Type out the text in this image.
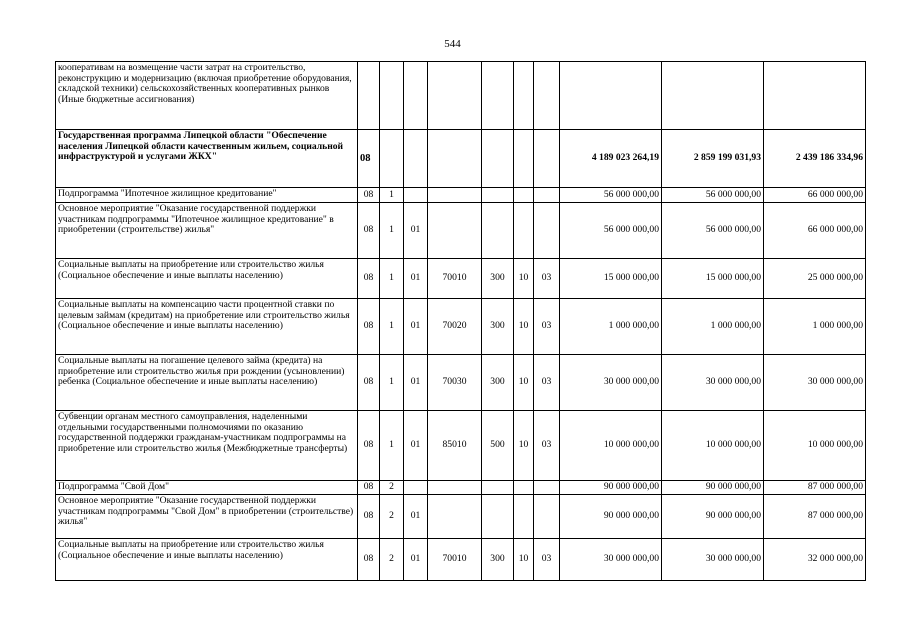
544
кооперативам на возмещение части затрат на строительство, реконструкцию и модернизацию (включая приобретение оборудования, складской техники) сельскохозяйственных кооперативных рынков (Иные бюджетные ассигнования)										
Государственная программа Липецкой области "Обеспечение населения Липецкой области качественным жильем, социальной инфраструктурой и услугами ЖКХ"	08							4 189 023 264,19	2 859 199 031,93	2 439 186 334,96
Подпрограмма "Ипотечное жилищное кредитование"	08	1						56 000 000,00	56 000 000,00	66 000 000,00
Основное мероприятие "Оказание государственной поддержки участникам подпрограммы "Ипотечное жилищное кредитование" в приобретении (строительстве) жилья"	08	1	01					56 000 000,00	56 000 000,00	66 000 000,00
Социальные выплаты на приобретение или строительство жилья (Социальное обеспечение и иные выплаты населению)	08	1	01	70010	300	10	03	15 000 000,00	15 000 000,00	25 000 000,00
Социальные выплаты на компенсацию части процентной ставки по целевым займам (кредитам) на приобретение или строительство жилья (Социальное обеспечение и иные выплаты населению)	08	1	01	70020	300	10	03	1 000 000,00	1 000 000,00	1 000 000,00
Социальные выплаты на погашение целевого займа (кредита) на приобретение или строительство жилья при рождении (усыновлении) ребенка (Социальное обеспечение и иные выплаты населению)	08	1	01	70030	300	10	03	30 000 000,00	30 000 000,00	30 000 000,00
Субвенции органам местного самоуправления, наделенными отдельными государственными полномочиями по оказанию государственной поддержки гражданам-участникам подпрограммы на приобретение или строительство жилья (Межбюджетные трансферты)	08	1	01	85010	500	10	03	10 000 000,00	10 000 000,00	10 000 000,00
Подпрограмма "Свой Дом"	08	2						90 000 000,00	90 000 000,00	87 000 000,00
Основное мероприятие "Оказание государственной поддержки участникам подпрограммы "Свой Дом" в приобретении (строительстве) жилья"	08	2	01					90 000 000,00	90 000 000,00	87 000 000,00
Социальные выплаты на приобретение или строительство жилья (Социальное обеспечение и иные выплаты населению)	08	2	01	70010	300	10	03	30 000 000,00	30 000 000,00	32 000 000,00
